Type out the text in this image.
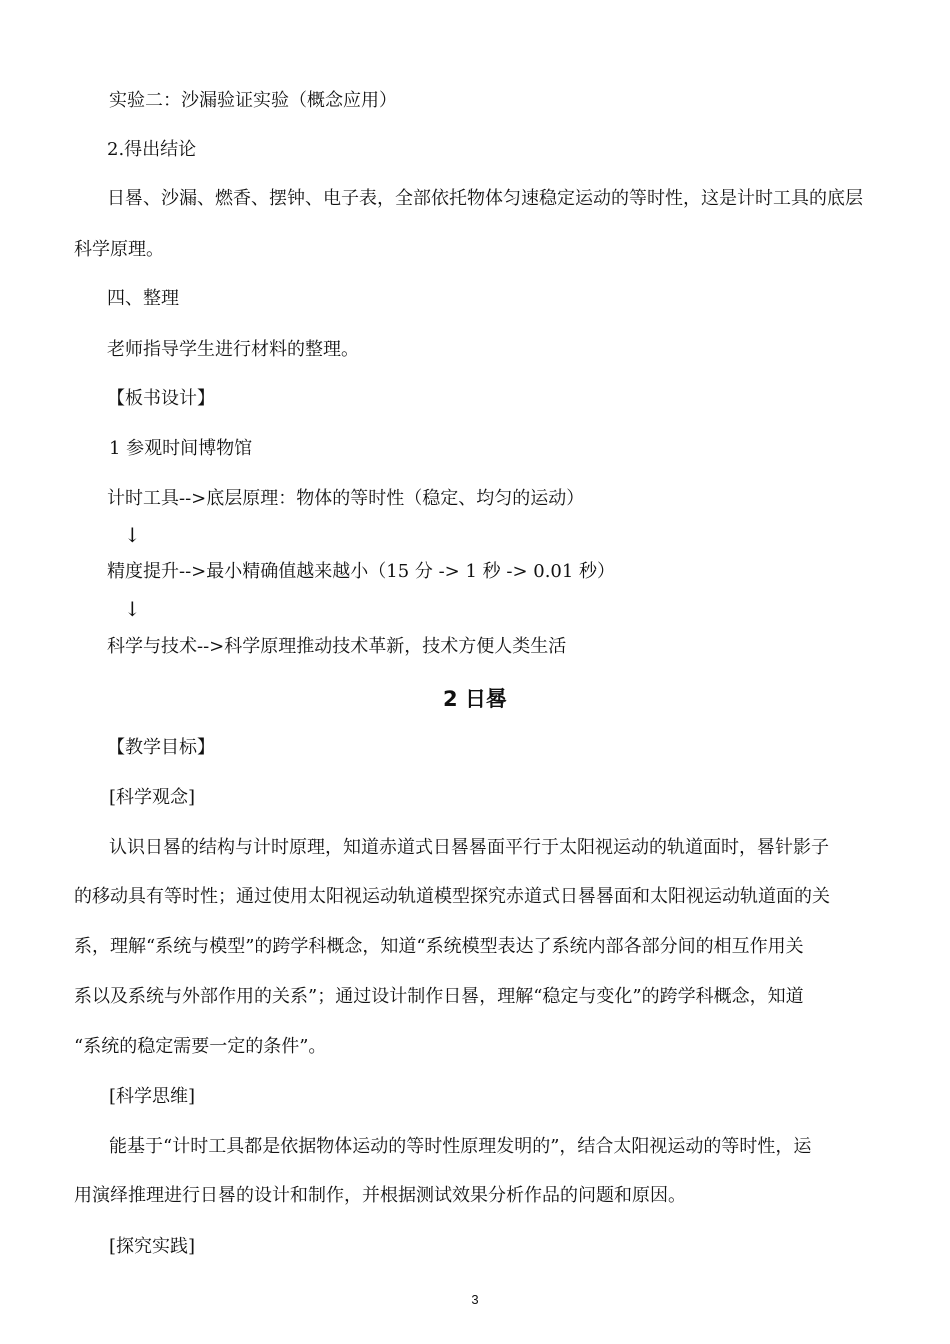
实验二：沙漏验证实验（概念应用）
2.得出结论
日晷、沙漏、燃香、摆钟、电子表，全部依托物体匀速稳定运动的等时性，这是计时工具的底层
科学原理。
四、整理
老师指导学生进行材料的整理。
【板书设计】
1 参观时间博物馆
计时工具-->底层原理：物体的等时性（稳定、均匀的运动）
↓
精度提升-->最小精确值越来越小（15 分 -> 1 秒 -> 0.01 秒）
↓
科学与技术-->科学原理推动技术革新，技术方便人类生活
2 日晷
【教学目标】
[科学观念]
认识日晷的结构与计时原理，知道赤道式日晷晷面平行于太阳视运动的轨道面时，晷针影子
的移动具有等时性；通过使用太阳视运动轨道模型探究赤道式日晷晷面和太阳视运动轨道面的关
系，理解“系统与模型”的跨学科概念，知道“系统模型表达了系统内部各部分间的相互作用关
系以及系统与外部作用的关系”；通过设计制作日晷，理解“稳定与变化”的跨学科概念，知道
“系统的稳定需要一定的条件”。
[科学思维]
能基于“计时工具都是依据物体运动的等时性原理发明的”，结合太阳视运动的等时性，运
用演绎推理进行日晷的设计和制作，并根据测试效果分析作品的问题和原因。
[探究实践]
3
